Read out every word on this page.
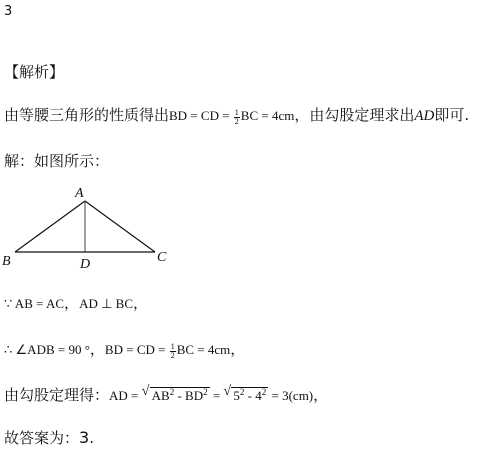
3
【解析】
由等腰三角形的性质得出BD = CD = $\frac{1}{2}$ BC = 4cm，由勾股定理求出AD即可.
解：如图所示：
A
B	C
D
∵ AB = AC，AD ⊥ BC，
∴ ∠ADB = 90 °，BD = CD = $\frac{1}{2}$ BC = 4cm，
由勾股定理得：AD = √ $AB^2 - BD^2$ = √ $5^2 - 4^2 = 3(cm)$，
故答案为：3.
